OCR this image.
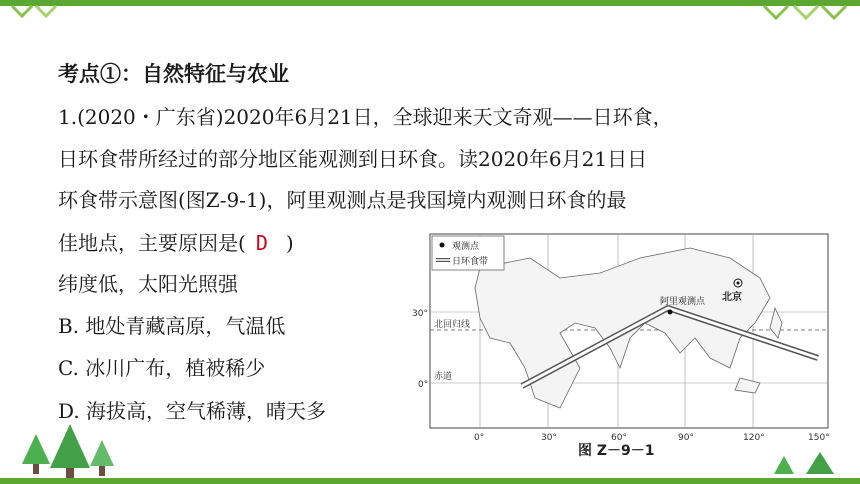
考点①：自然特征与农业
1.(2020・广东省)2020年6月21日，全球迎来天文奇观——日环食，
日环食带所经过的部分地区能观测到日环食。读2020年6月21日日
环食带示意图(图Z-9-1)，阿里观测点是我国境内观测日环食的最
佳地点，主要原因是( D )
纬度低，太阳光照强
B. 地处青藏高原，气温低
C. 冰川广布，植被稀少
D. 海拔高，空气稀薄，晴天多
观测点
日环食带
阿里观测点 北京
北回归线
赤道
30°
0°
0°	30°	60°	90°	120°	150°
图 Z－9－1
